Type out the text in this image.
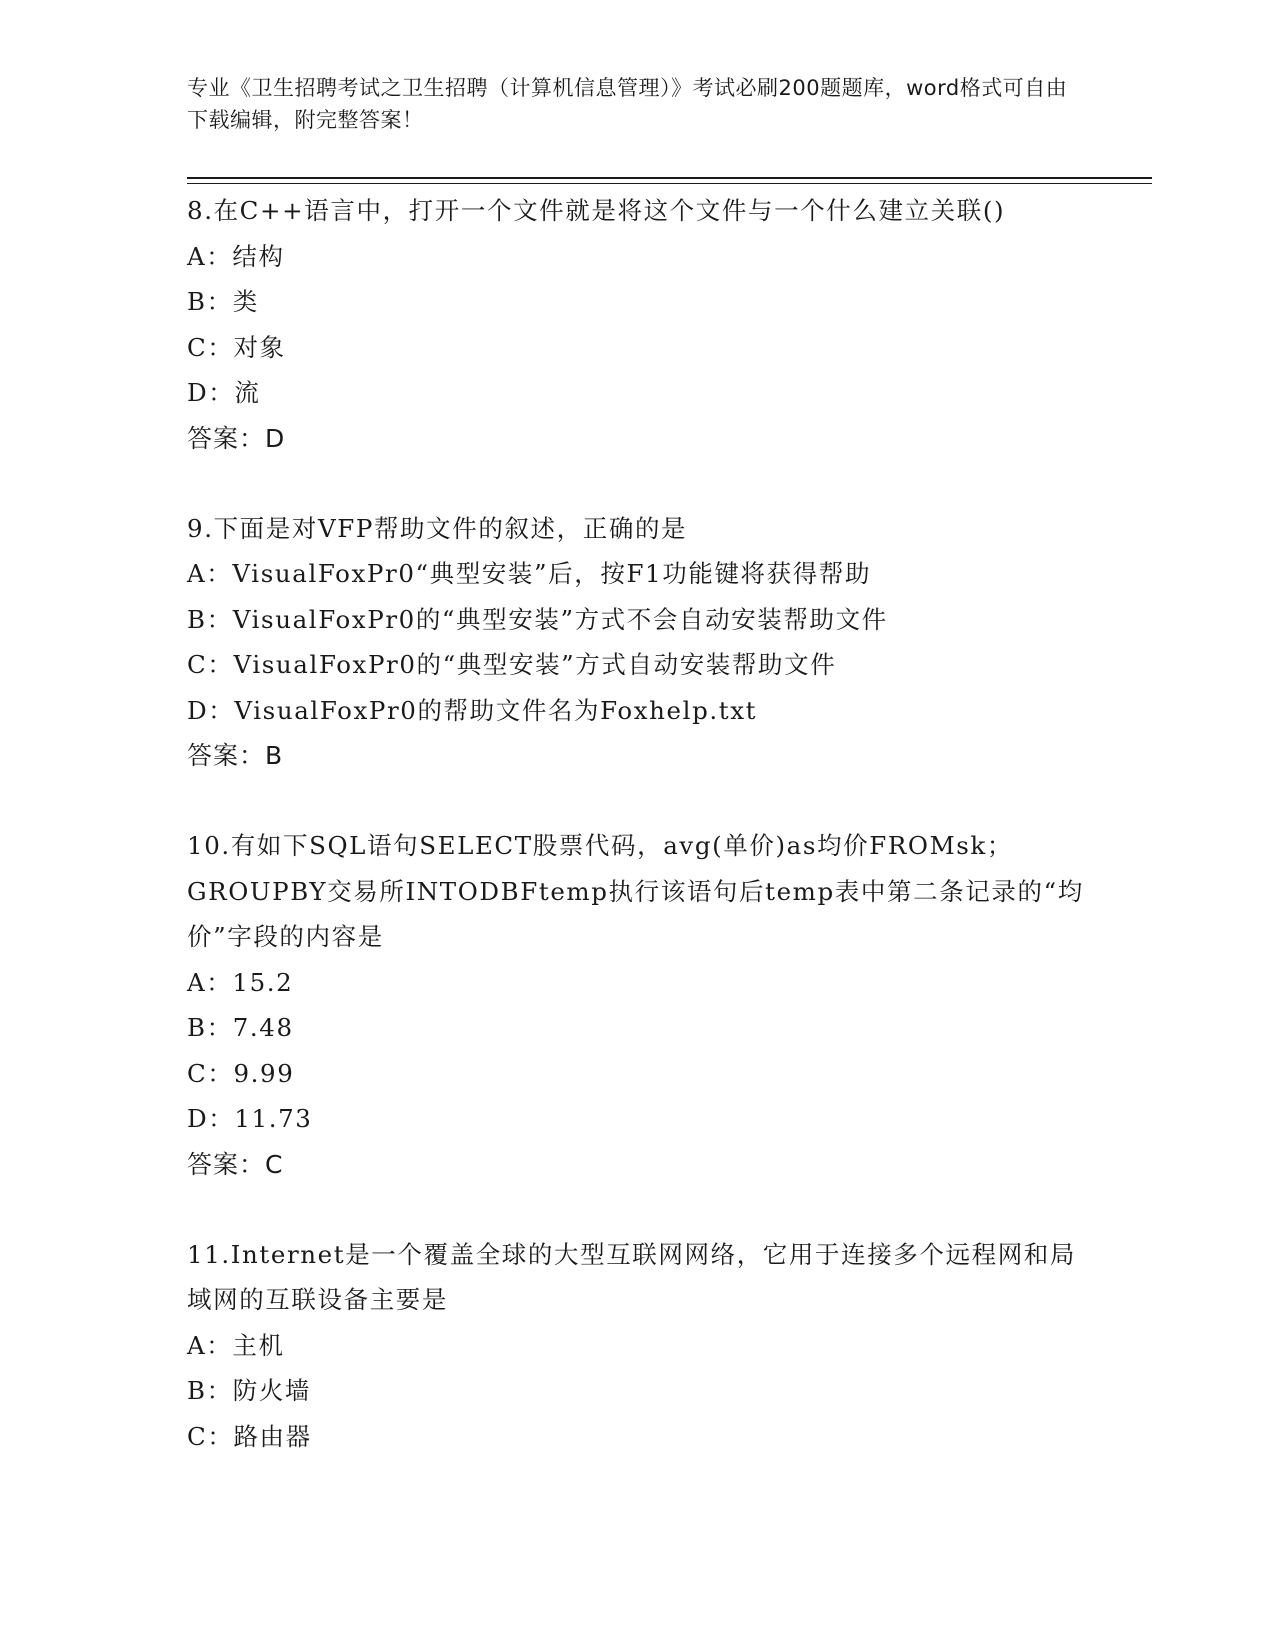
专业《卫生招聘考试之卫生招聘（计算机信息管理）》考试必刷200题题库，word格式可自由下载编辑，附完整答案！

8.在C++语言中，打开一个文件就是将这个文件与一个什么建立关联()

A：结构

B：类

C：对象

D：流

答案：D

9.下面是对VFP帮助文件的叙述，正确的是

A：VisualFoxPr0“典型安装”后，按F1功能键将获得帮助

B：VisualFoxPr0的“典型安装”方式不会自动安装帮助文件

C：VisualFoxPr0的“典型安装”方式自动安装帮助文件

D：VisualFoxPr0的帮助文件名为Foxhelp.txt

答案：B

10.有如下SQL语句SELECT股票代码，avg(单价)as均价FROMsk；GROUPBY交易所INTODBFtemp执行该语句后temp表中第二条记录的“均价”字段的内容是

A：15.2

B：7.48

C：9.99

D：11.73

答案：C

11.Internet是一个覆盖全球的大型互联网网络，它用于连接多个远程网和局域网的互联设备主要是

A：主机

B：防火墙

C：路由器
